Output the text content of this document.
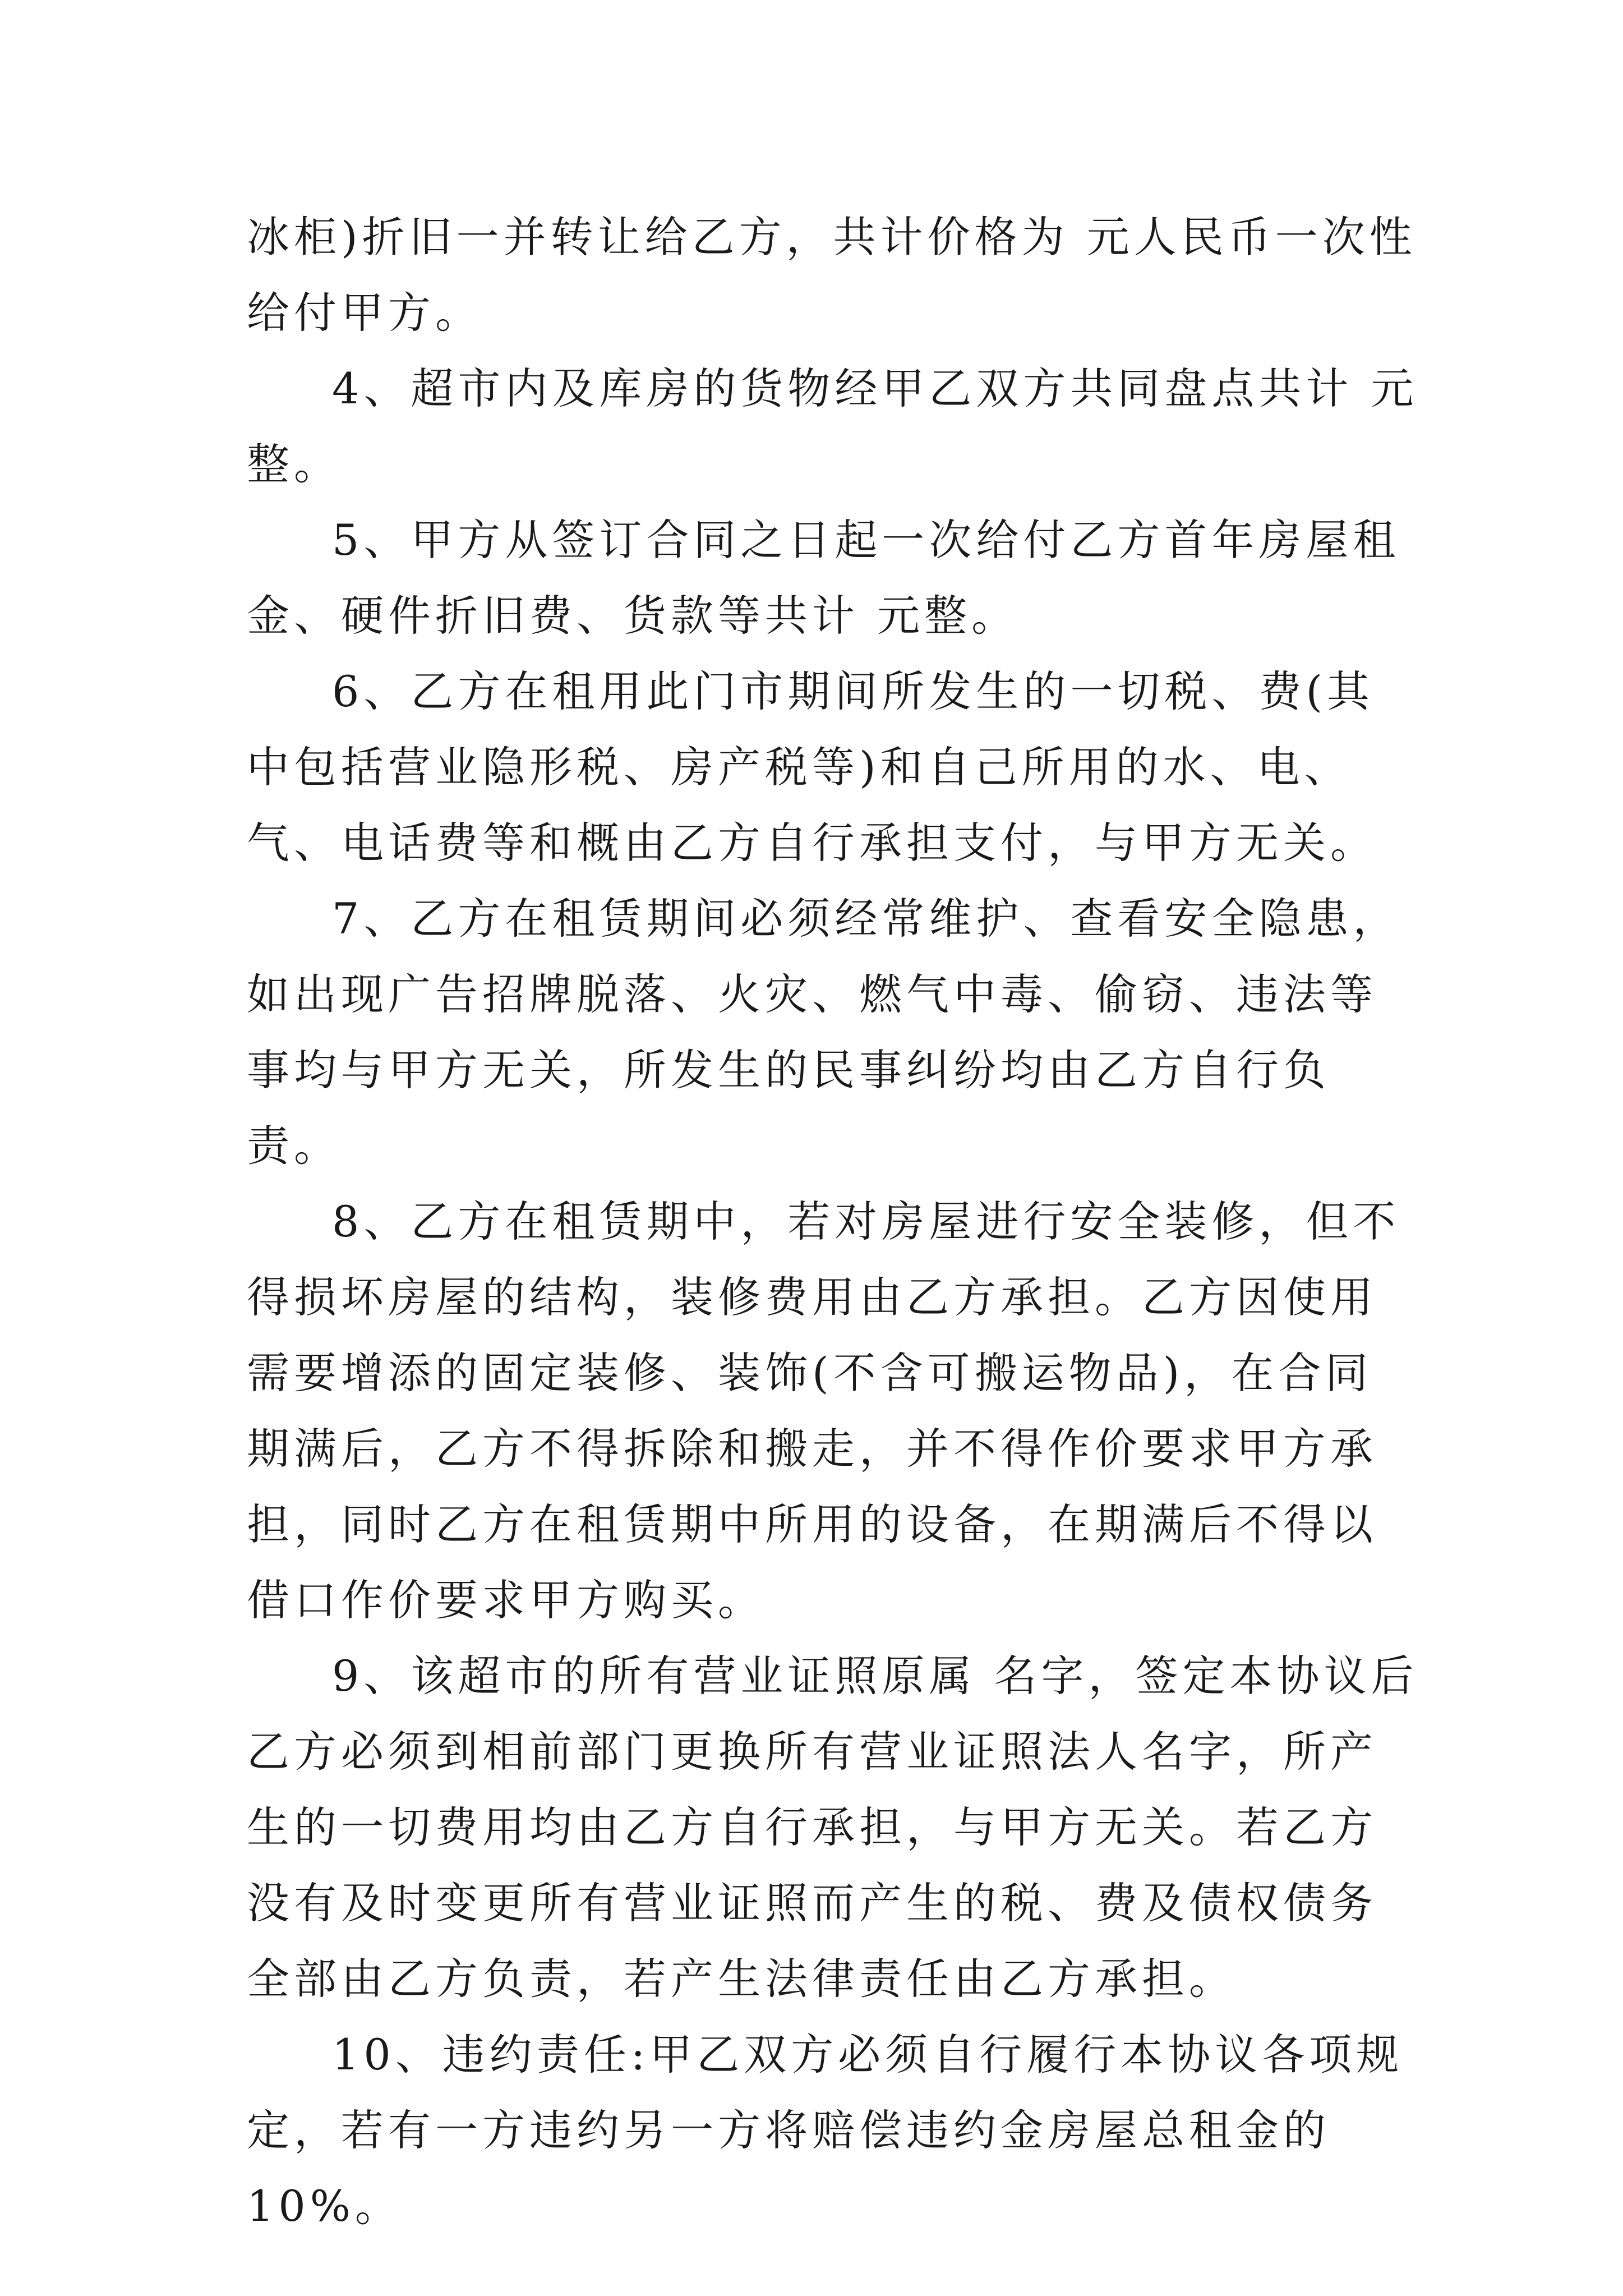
冰柜)折旧一并转让给乙方，共计价格为 元人民币一次性给付甲方。

4、超市内及库房的货物经甲乙双方共同盘点共计 元整。

5、甲方从签订合同之日起一次给付乙方首年房屋租金、硬件折旧费、货款等共计 元整。

6、乙方在租用此门市期间所发生的一切税、费(其中包括营业隐形税、房产税等)和自己所用的水、电、气、电话费等和概由乙方自行承担支付，与甲方无关。

7、乙方在租赁期间必须经常维护、查看安全隐患，如出现广告招牌脱落、火灾、燃气中毒、偷窃、违法等事均与甲方无关，所发生的民事纠纷均由乙方自行负责。

8、乙方在租赁期中，若对房屋进行安全装修，但不得损坏房屋的结构，装修费用由乙方承担。乙方因使用需要增添的固定装修、装饰(不含可搬运物品)，在合同期满后，乙方不得拆除和搬走，并不得作价要求甲方承担，同时乙方在租赁期中所用的设备，在期满后不得以借口作价要求甲方购买。

9、该超市的所有营业证照原属 名字，签定本协议后乙方必须到相前部门更换所有营业证照法人名字，所产生的一切费用均由乙方自行承担，与甲方无关。若乙方没有及时变更所有营业证照而产生的税、费及债权债务全部由乙方负责，若产生法律责任由乙方承担。

10、违约责任:甲乙双方必须自行履行本协议各项规定，若有一方违约另一方将赔偿违约金房屋总租金的10%。
